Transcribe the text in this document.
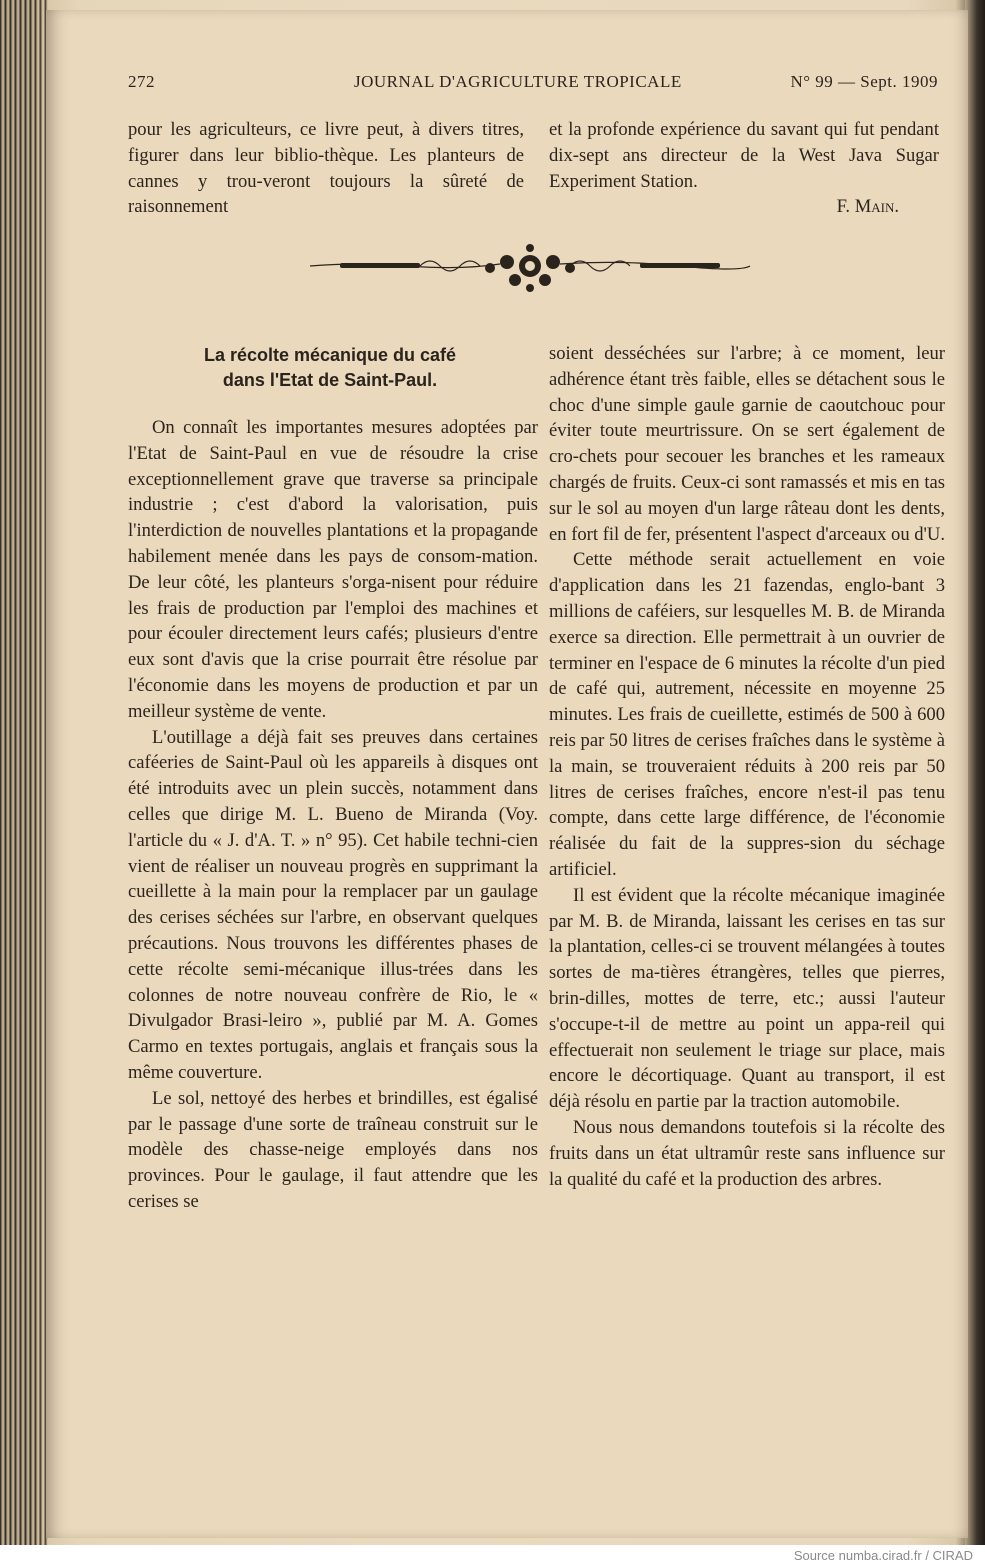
272	JOURNAL D'AGRICULTURE TROPICALE	N° 99 — Sept. 1909

pour les agriculteurs, ce livre peut, à divers titres, figurer dans leur biblio-thèque. Les planteurs de cannes y trou-veront toujours la sûreté de raisonnement

et la profonde expérience du savant qui fut pendant dix-sept ans directeur de la West Java Sugar Experiment Station.

F. Main.

La récolte mécanique du café
dans l'Etat de Saint-Paul.

On connaît les importantes mesures adoptées par l'Etat de Saint-Paul en vue de résoudre la crise exceptionnellement grave que traverse sa principale industrie ; c'est d'abord la valorisation, puis l'interdiction de nouvelles plantations et la propagande habilement menée dans les pays de consom-mation. De leur côté, les planteurs s'orga-nisent pour réduire les frais de production par l'emploi des machines et pour écouler directement leurs cafés; plusieurs d'entre eux sont d'avis que la crise pourrait être résolue par l'économie dans les moyens de production et par un meilleur système de vente.

L'outillage a déjà fait ses preuves dans certaines caféeries de Saint-Paul où les appareils à disques ont été introduits avec un plein succès, notamment dans celles que dirige M. L. Bueno de Miranda (Voy. l'article du « J. d'A. T. » n° 95). Cet habile techni-cien vient de réaliser un nouveau progrès en supprimant la cueillette à la main pour la remplacer par un gaulage des cerises séchées sur l'arbre, en observant quelques précautions. Nous trouvons les différentes phases de cette récolte semi-mécanique illus-trées dans les colonnes de notre nouveau confrère de Rio, le « Divulgador Brasi-leiro », publié par M. A. Gomes Carmo en textes portugais, anglais et français sous la même couverture.

Le sol, nettoyé des herbes et brindilles, est égalisé par le passage d'une sorte de traîneau construit sur le modèle des chasse-neige employés dans nos provinces. Pour le gaulage, il faut attendre que les cerises se

soient desséchées sur l'arbre; à ce moment, leur adhérence étant très faible, elles se détachent sous le choc d'une simple gaule garnie de caoutchouc pour éviter toute meurtrissure. On se sert également de cro-chets pour secouer les branches et les rameaux chargés de fruits. Ceux-ci sont ramassés et mis en tas sur le sol au moyen d'un large râteau dont les dents, en fort fil de fer, présentent l'aspect d'arceaux ou d'U.

Cette méthode serait actuellement en voie d'application dans les 21 fazendas, englo-bant 3 millions de caféiers, sur lesquelles M. B. de Miranda exerce sa direction. Elle permettrait à un ouvrier de terminer en l'espace de 6 minutes la récolte d'un pied de café qui, autrement, nécessite en moyenne 25 minutes. Les frais de cueillette, estimés de 500 à 600 reis par 50 litres de cerises fraîches dans le système à la main, se trouveraient réduits à 200 reis par 50 litres de cerises fraîches, encore n'est-il pas tenu compte, dans cette large différence, de l'économie réalisée du fait de la suppres-sion du séchage artificiel.

Il est évident que la récolte mécanique imaginée par M. B. de Miranda, laissant les cerises en tas sur la plantation, celles-ci se trouvent mélangées à toutes sortes de ma-tières étrangères, telles que pierres, brin-dilles, mottes de terre, etc.; aussi l'auteur s'occupe-t-il de mettre au point un appa-reil qui effectuerait non seulement le triage sur place, mais encore le décortiquage. Quant au transport, il est déjà résolu en partie par la traction automobile.

Nous nous demandons toutefois si la récolte des fruits dans un état ultramûr reste sans influence sur la qualité du café et la production des arbres.

Source numba.cirad.fr / CIRAD
